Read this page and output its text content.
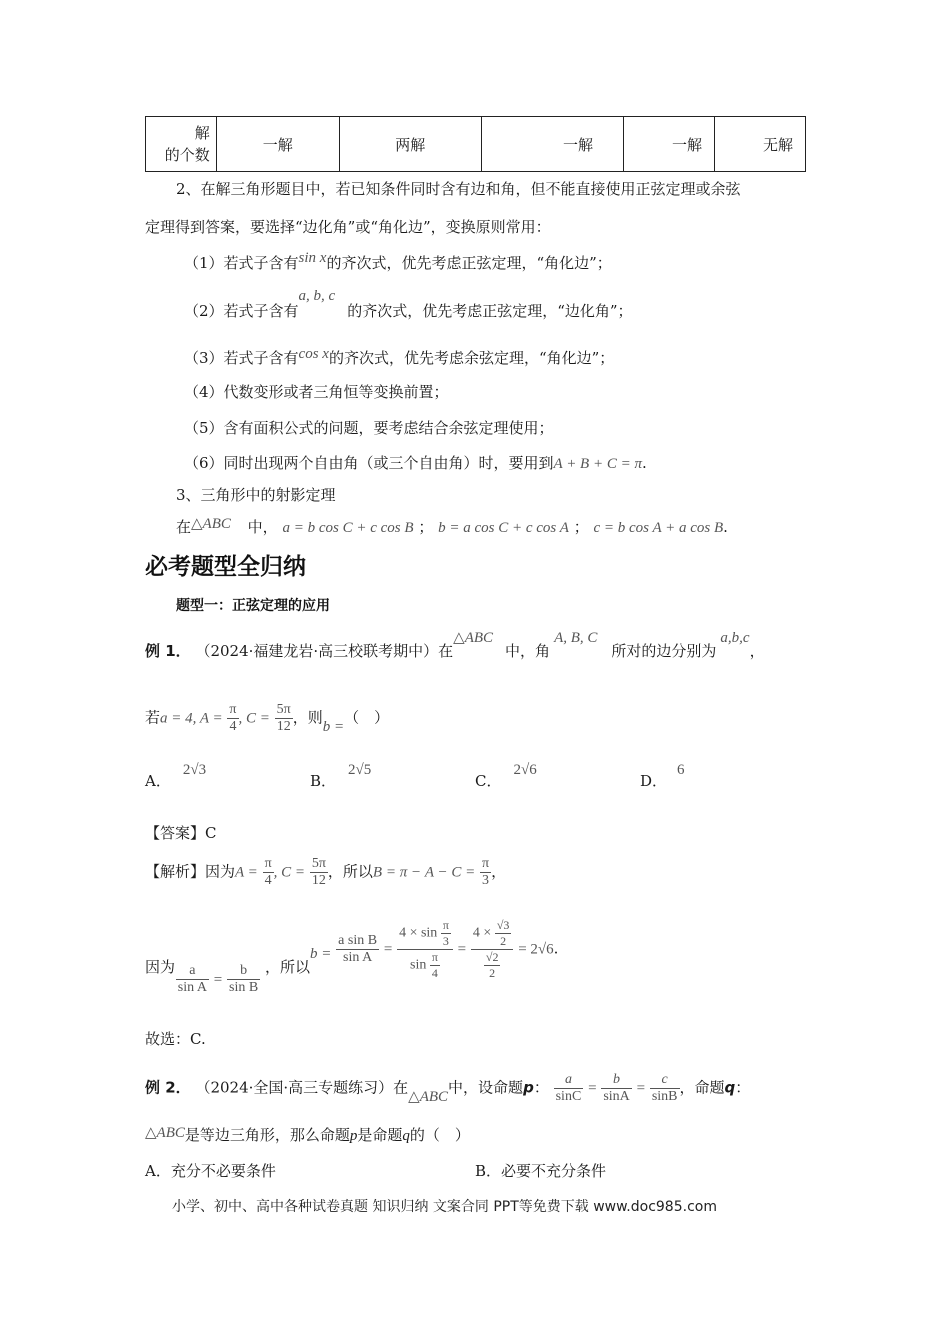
解
的个数	一解	两解	一解	一解	无解
2、在解三角形题目中，若已知条件同时含有边和角，但不能直接使用正弦定理或余弦
定理得到答案，要选择“边化角”或“角化边”，变换原则常用：
（1）若式子含有sin x的齐次式，优先考虑正弦定理，“角化边”；
（2）若式子含有a, b, c的齐次式，优先考虑正弦定理，“边化角”；
（3）若式子含有cos x的齐次式，优先考虑余弦定理，“角化边”；
（4）代数变形或者三角恒等变换前置；
（5）含有面积公式的问题，要考虑结合余弦定理使用；
（6）同时出现两个自由角（或三个自由角）时，要用到A + B + C = π.
3、三角形中的射影定理
在△ABC 中， a = b cos C + c cos B ； b = a cos C + c cos A ； c = b cos A + a cos B.
必考题型全归纳
题型一：正弦定理的应用
例 1． （2024·福建龙岩·高三校联考期中）在△ABC中，角A, B, C所对的边分别为a,b,c，
若a = 4, $A = \frac{\pi}{4}$ , $C = \frac{5\pi}{12}$ ，则b =（　）
A．2√3
B．2√5
C．2√6
D．6
【答案】C
【解析】因为$A = \frac{\pi}{4}$ , $C = \frac{5\pi}{12}$ ，所以$B = \pi - A - C = \frac{\pi}{3}$ ，
因为 $\frac{a}{\text{sin A}} = \frac{b}{\text{sin B}}$ ，所以$b = \frac{\text{a sin B}}{\text{sin A}} = \frac{4 \times \sin \frac{\pi}{3}}{\sin \frac{\pi}{4}} = \frac{4 \times \frac{√3}{2}}{\frac{√2}{2}} = 2√6$.
故选：C.
例 2． （2024·全国·高三专题练习）在△ABC中，设命题p： $\frac{a}{\sin C} = \frac{b}{\sin A} = \frac{c}{\sin B}$ ，命题q：
△ABC是等边三角形，那么命题p是命题q的（　）
A．充分不必要条件	B．必要不充分条件
小学、初中、高中各种试卷真题 知识归纳 文案合同 PPT等免费下载 www.doc985.com
